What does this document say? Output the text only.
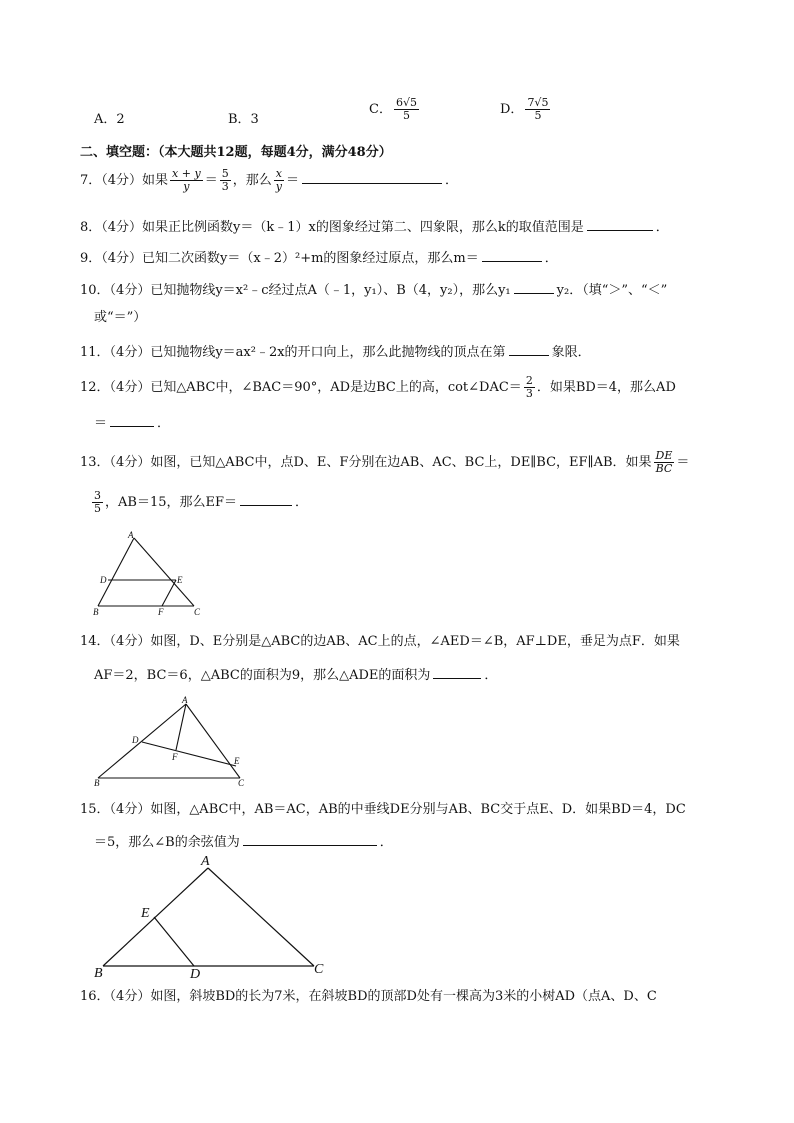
A．2	B．3
C． $\frac{6√5}{5}$	D． $\frac{7√5}{5}$
二、填空题：（本大题共12题，每题4分，满分48分）
7．（4分）如果 $\frac{x + y}{y} = \frac{5}{3}$ ，那么 $\frac{x}{y}$ ＝	．
8．（4分）如果正比例函数y＝（k﹣1）x的图象经过第二、四象限，那么k的取值范围是	．
9．（4分）已知二次函数y＝（x﹣2）²+m的图象经过原点，那么m＝	．
10．（4分）已知抛物线y＝x²﹣c经过点A（﹣1，y₁）、B（4，y₂），那么y₁	y₂．（填“＞”、“＜”
或“＝”）
11．（4分）已知抛物线y＝ax²﹣2x的开口向上，那么此抛物线的顶点在第	象限．
12．（4分）已知△ABC中，∠BAC＝90°，AD是边BC上的高，cot∠DAC＝ $\frac{2}{3}$ ．如果BD＝4，那么AD
＝	．
13．（4分）如图，已知△ABC中，点D、E、F分别在边AB、AC、BC上，DE∥BC，EF∥AB．如果 $\frac{DE}{BC}$ ＝
$\frac{3}{5}$ ，AB＝15，那么EF＝	．
A
B	C
D	E
F
14．（4分）如图，D、E分别是△ABC的边AB、AC上的点，∠AED＝∠B，AF⊥DE，垂足为点F．如果
AF＝2，BC＝6，△ABC的面积为9，那么△ADE的面积为	．
A
B	C
D
E
F
15．（4分）如图，△ABC中，AB＝AC，AB的中垂线DE分别与AB、BC交于点E、D．如果BD＝4，DC
＝5，那么∠B的余弦值为	．
A
B	C
D
E
16．（4分）如图，斜坡BD的长为7米，在斜坡BD的顶部D处有一棵高为3米的小树AD（点A、D、C
